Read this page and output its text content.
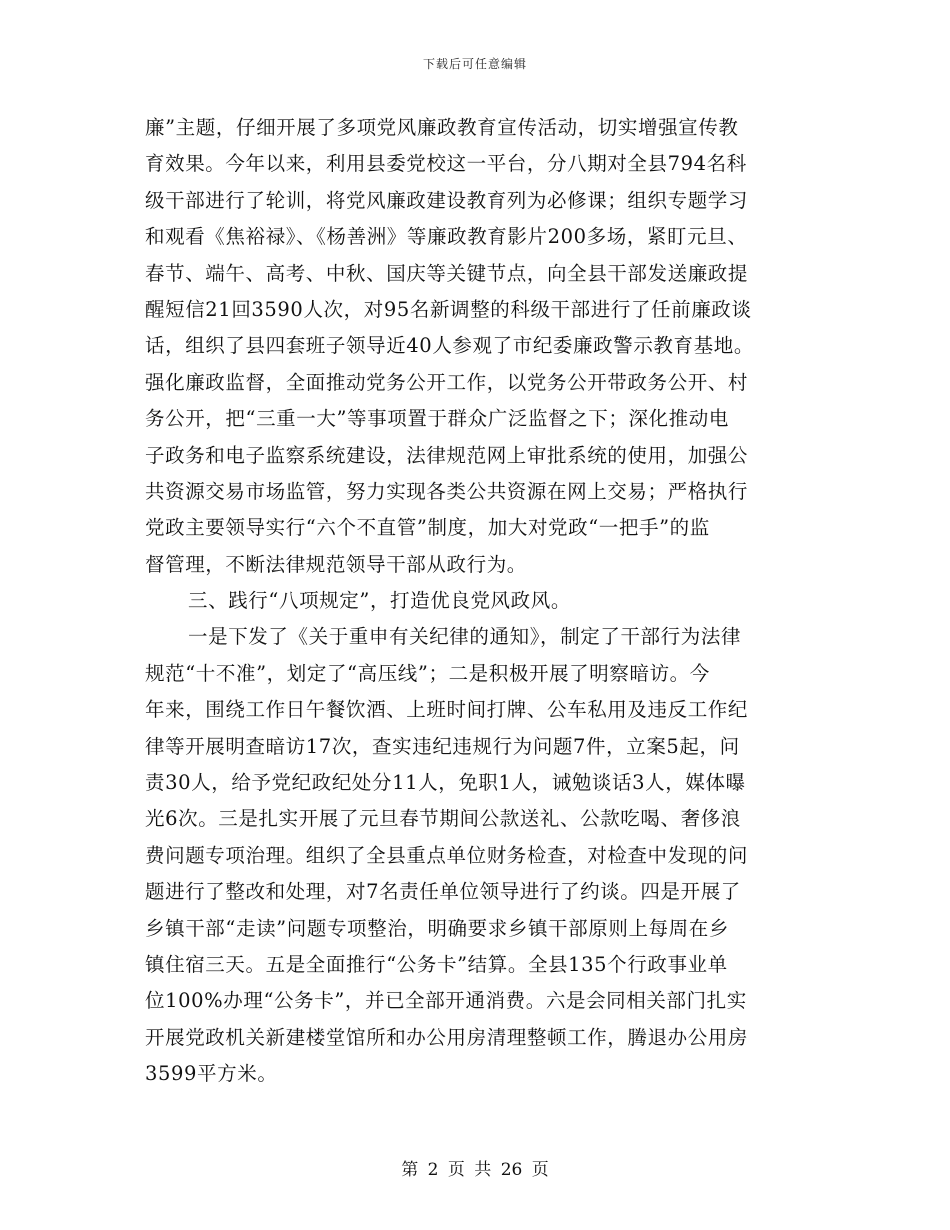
下载后可任意编辑
廉”主题，仔细开展了多项党风廉政教育宣传活动，切实增强宣传教
育效果。今年以来，利用县委党校这一平台，分八期对全县794名科
级干部进行了轮训，将党风廉政建设教育列为必修课；组织专题学习
和观看《焦裕禄》、《杨善洲》等廉政教育影片200多场，紧盯元旦、
春节、端午、高考、中秋、国庆等关键节点，向全县干部发送廉政提
醒短信21回3590人次，对95名新调整的科级干部进行了任前廉政谈
话，组织了县四套班子领导近40人参观了市纪委廉政警示教育基地。
强化廉政监督，全面推动党务公开工作，以党务公开带政务公开、村
务公开，把“三重一大”等事项置于群众广泛监督之下；深化推动电
子政务和电子监察系统建设，法律规范网上审批系统的使用，加强公
共资源交易市场监管，努力实现各类公共资源在网上交易；严格执行
党政主要领导实行“六个不直管”制度，加大对党政“一把手”的监
督管理，不断法律规范领导干部从政行为。
三、践行“八项规定”，打造优良党风政风。
一是下发了《关于重申有关纪律的通知》，制定了干部行为法律
规范“十不准”，划定了“高压线”；二是积极开展了明察暗访。今
年来，围绕工作日午餐饮酒、上班时间打牌、公车私用及违反工作纪
律等开展明查暗访17次，查实违纪违规行为问题7件，立案5起，问
责30人，给予党纪政纪处分11人，免职1人，诫勉谈话3人，媒体曝
光6次。三是扎实开展了元旦春节期间公款送礼、公款吃喝、奢侈浪
费问题专项治理。组织了全县重点单位财务检查，对检查中发现的问
题进行了整改和处理，对7名责任单位领导进行了约谈。四是开展了
乡镇干部“走读”问题专项整治，明确要求乡镇干部原则上每周在乡
镇住宿三天。五是全面推行“公务卡”结算。全县135个行政事业单
位100%办理“公务卡”，并已全部开通消费。六是会同相关部门扎实
开展党政机关新建楼堂馆所和办公用房清理整顿工作，腾退办公用房
3599平方米。
第 2 页 共 26 页
